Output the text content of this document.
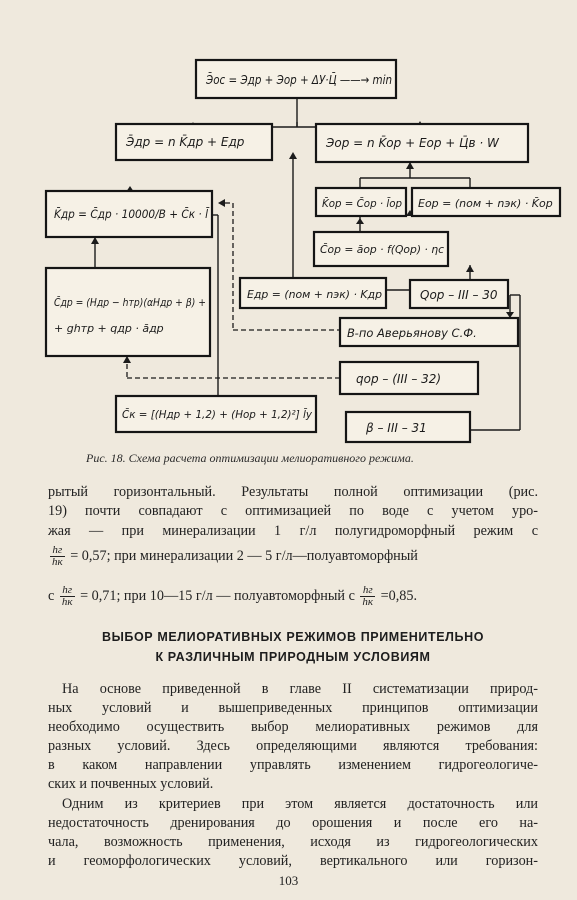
Э̄ос = Эдр + Эор + ΔУ·Ц̄ ——→ min
Э̄др = n K̄др + Eдр	Эор = n K̄ор + Eор + Ц̄в · W
K̄др = C̄др · 10000/B + C̄к · l̄
K̄ор = C̄ор · l̄ор Eор = (nом + nэк) · K̄ор
C̄ор = āор · f(Qор) · ηс
C̄др = (Hдр − hтр)(αHдр + β) +
+ ghтр + qдр · āдр
Eдр = (nом + nэк) · Kдр	Qор – III – 30
B-по Аверьянову С.Ф.
qор – (III – 32)
C̄к = [(Hдр + 1,2) + (Hор + 1,2)²] l̄у
β – III – 31
Рис. 18. Схема расчета оптимизации мелиоративного режима.
рытый горизонтальный. Результаты полной оптимизации (рис.
19) почти совпадают с оптимизацией по воде с учетом уро-
жая — при минерализации 1 г/л полугидроморфный режим с
$\frac{hг}{hк} = 0,57$; при минерализации 2 — 5 г/л—полуавтоморфный
с $\frac{hг}{hк} = 0,71$; при 10—15 г/л — полуавтоморфный с $\frac{hг}{hк} =0,85$.
ВЫБОР МЕЛИОРАТИВНЫХ РЕЖИМОВ ПРИМЕНИТЕЛЬНО
К РАЗЛИЧНЫМ ПРИРОДНЫМ УСЛОВИЯМ
На основе приведенной в главе II систематизации природ-
ных условий и вышеприведенных принципов оптимизации
необходимо осуществить выбор мелиоративных режимов для
разных условий. Здесь определяющими являются требования:
в каком направлении управлять изменением гидрогеологиче-
ских и почвенных условий.
Одним из критериев при этом является достаточность или
недостаточность дренирования до орошения и после его на-
чала, возможность применения, исходя из гидрогеологических
и геоморфологических условий, вертикального или горизон-
103
